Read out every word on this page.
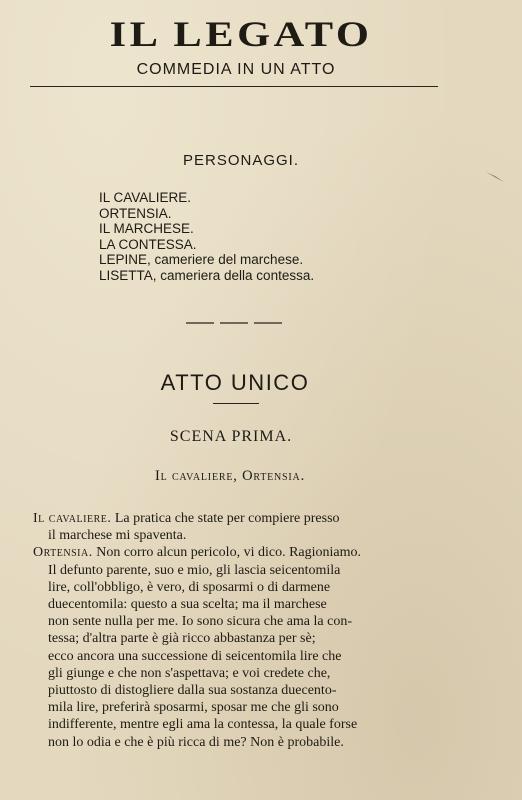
IL LEGATO
COMMEDIA IN UN ATTO
PERSONAGGI.
IL CAVALIERE.
ORTENSIA.
IL MARCHESE.
LA CONTESSA.
LEPINE, cameriere del marchese.
LISETTA, cameriera della contessa.
ATTO UNICO
SCENA PRIMA.
Il cavaliere, Ortensia.
Il cavaliere. La pratica che state per compiere presso
il marchese mi spaventa.
Ortensia. Non corro alcun pericolo, vi dico. Ragioniamo.
Il defunto parente, suo e mio, gli lascia seicentomila
lire, coll'obbligo, è vero, di sposarmi o di darmene
duecentomila: questo a sua scelta; ma il marchese
non sente nulla per me. Io sono sicura che ama la con-
tessa; d'altra parte è già ricco abbastanza per sè;
ecco ancora una successione di seicentomila lire che
gli giunge e che non s'aspettava; e voi credete che,
piuttosto di distogliere dalla sua sostanza duecento-
mila lire, preferirà sposarmi, sposar me che gli sono
indifferente, mentre egli ama la contessa, la quale forse
non lo odia e che è più ricca di me? Non è probabile.
